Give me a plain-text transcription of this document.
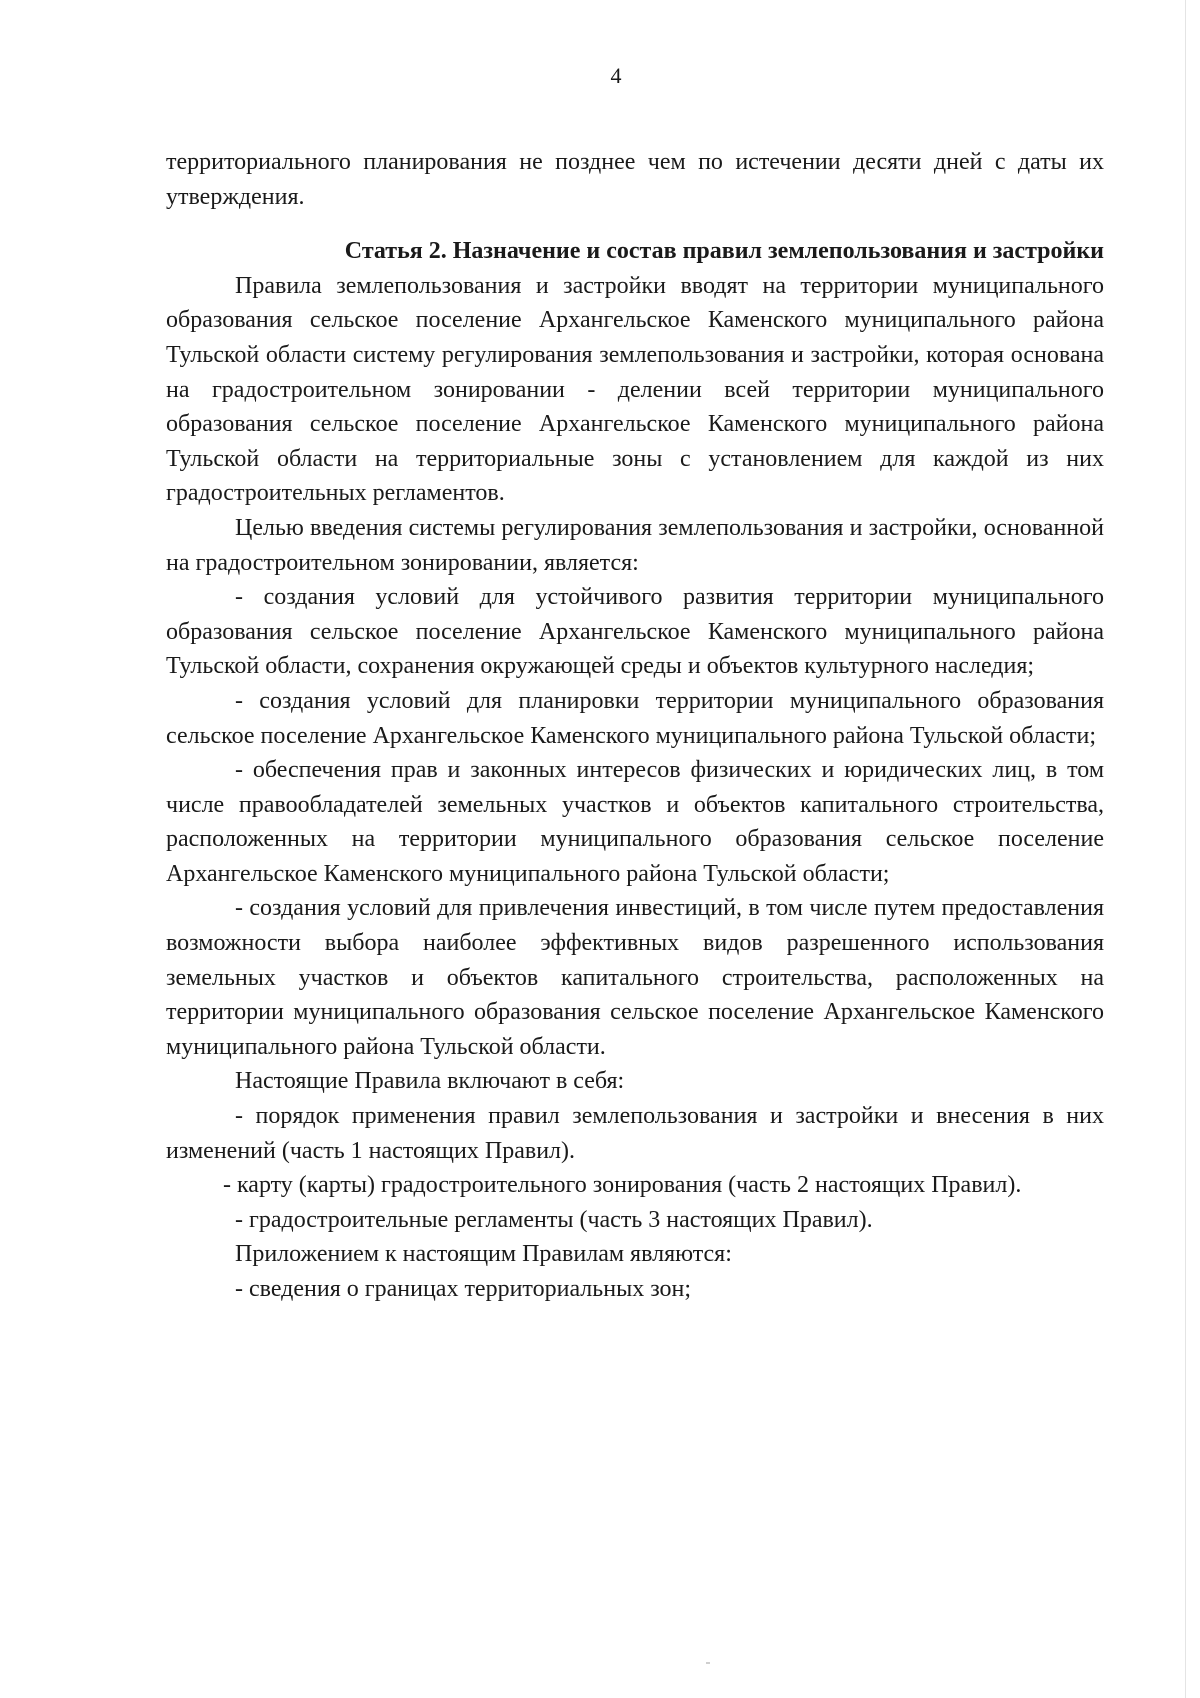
4

территориального планирования не позднее чем по истечении десяти дней с даты их утверждения.

Статья 2. Назначение и состав правил землепользования и застройки

Правила землепользования и застройки вводят на территории муниципального образования сельское поселение Архангельское Каменского муниципального района Тульской области систему регулирования землепользования и застройки, которая основана на градостроительном зонировании - делении всей территории муниципального образования сельское поселение Архангельское Каменского муниципального района Тульской области на территориальные зоны с установлением для каждой из них градостроительных регламентов.

Целью введения системы регулирования землепользования и застройки, основанной на градостроительном зонировании, является:

- создания условий для устойчивого развития территории муниципального образования сельское поселение Архангельское Каменского муниципального района Тульской области, сохранения окружающей среды и объектов культурного наследия;

- создания условий для планировки территории муниципального образования сельское поселение Архангельское Каменского муниципального района Тульской области;

- обеспечения прав и законных интересов физических и юридических лиц, в том числе правообладателей земельных участков и объектов капитального строительства, расположенных на территории муниципального образования сельское поселение Архангельское Каменского муниципального района Тульской области;

- создания условий для привлечения инвестиций, в том числе путем предоставления возможности выбора наиболее эффективных видов разрешенного использования земельных участков и объектов капитального строительства, расположенных на территории муниципального образования сельское поселение Архангельское Каменского муниципального района Тульской области.

Настоящие Правила включают в себя:

- порядок применения правил землепользования и застройки и внесения в них изменений (часть 1 настоящих Правил).

- карту (карты) градостроительного зонирования (часть 2 настоящих Правил).

- градостроительные регламенты (часть 3 настоящих Правил).

Приложением к настоящим Правилам являются:

- сведения о границах территориальных зон;
